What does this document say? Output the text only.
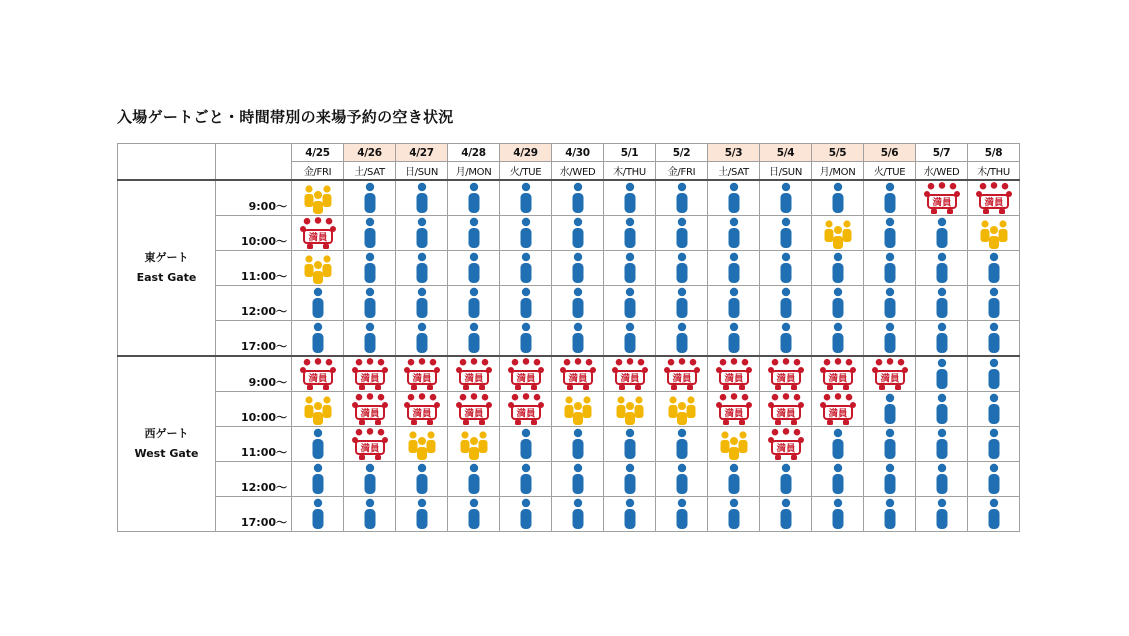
入場ゲートごと・時間帯別の来場予約の空き状況
		4/25	4/26	4/27	4/28	4/29	4/30	5/1	5/2	5/3	5/4	5/5	5/6	5/7	5/8
		金/FRI	土/SAT	日/SUN	月/MON	火/TUE	水/WED	木/THU	金/FRI	土/SAT	日/SUN	月/MON	火/TUE	水/WED	木/THU

東ゲート
East Gate	9:00～													満員	満員

	10:00～	満員

	11:00～	

	12:00～	

	17:00～	

西ゲート
West Gate	9:00～	満員	満員	満員	満員	満員	満員	満員	満員	満員	満員	満員	満員

	10:00～		満員	満員	満員	満員				満員	満員	満員

	11:00～		満員								満員

	12:00～	

	17:00～	
